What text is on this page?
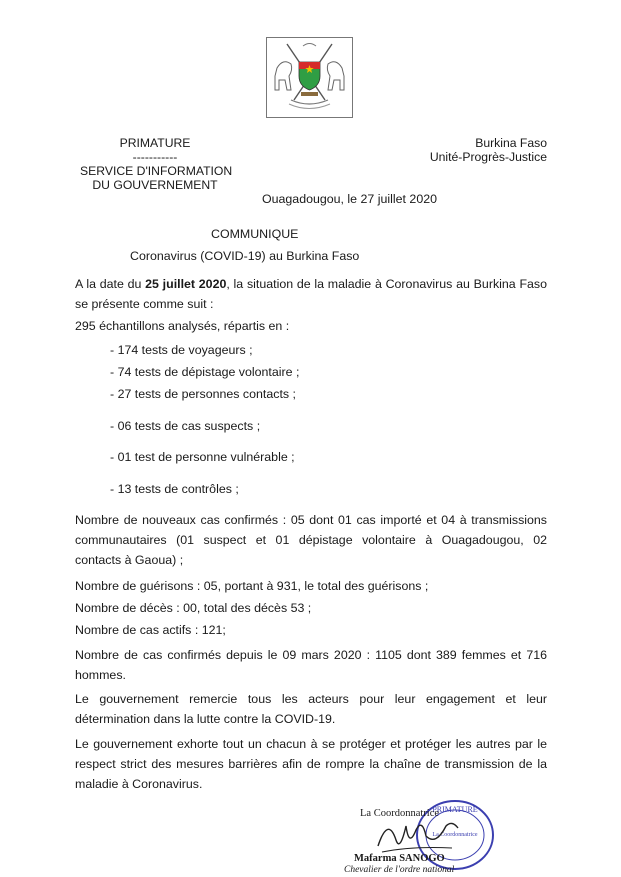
PRIMATURE
-----------
SERVICE D'INFORMATION
DU GOUVERNEMENT
Burkina Faso
Unité-Progrès-Justice
Ouagadougou, le 27 juillet 2020
COMMUNIQUE
Coronavirus (COVID-19) au Burkina Faso
A la date du 25 juillet 2020, la situation de la maladie à Coronavirus au Burkina Faso
se présente comme suit :
295 échantillons analysés, répartis en :
- 174 tests de voyageurs ;
- 74 tests de dépistage volontaire ;
- 27 tests de personnes contacts ;
- 06 tests de cas suspects ;
- 01 test de personne vulnérable ;
- 13 tests de contrôles ;
Nombre de nouveaux cas confirmés : 05 dont 01 cas importé et 04 à transmissions
communautaires (01 suspect et 01 dépistage volontaire à Ouagadougou, 02
contacts à Gaoua) ;
Nombre de guérisons : 05, portant à 931, le total des guérisons ;
Nombre de décès : 00, total des décès 53 ;
Nombre de cas actifs : 121;
Nombre de cas confirmés depuis le 09 mars 2020 : 1105 dont 389 femmes et 716
hommes.
Le gouvernement remercie tous les acteurs pour leur engagement et leur
détermination dans la lutte contre la COVID-19.
Le gouvernement exhorte tout un chacun à se protéger et protéger les autres par le
respect strict des mesures barrières afin de rompre la chaîne de transmission de la
maladie à Coronavirus.
PRIMATURE
La Coordonnatrice
La Coordonnatrice
Mafarma SANOGO
Chevalier de l'ordre national
